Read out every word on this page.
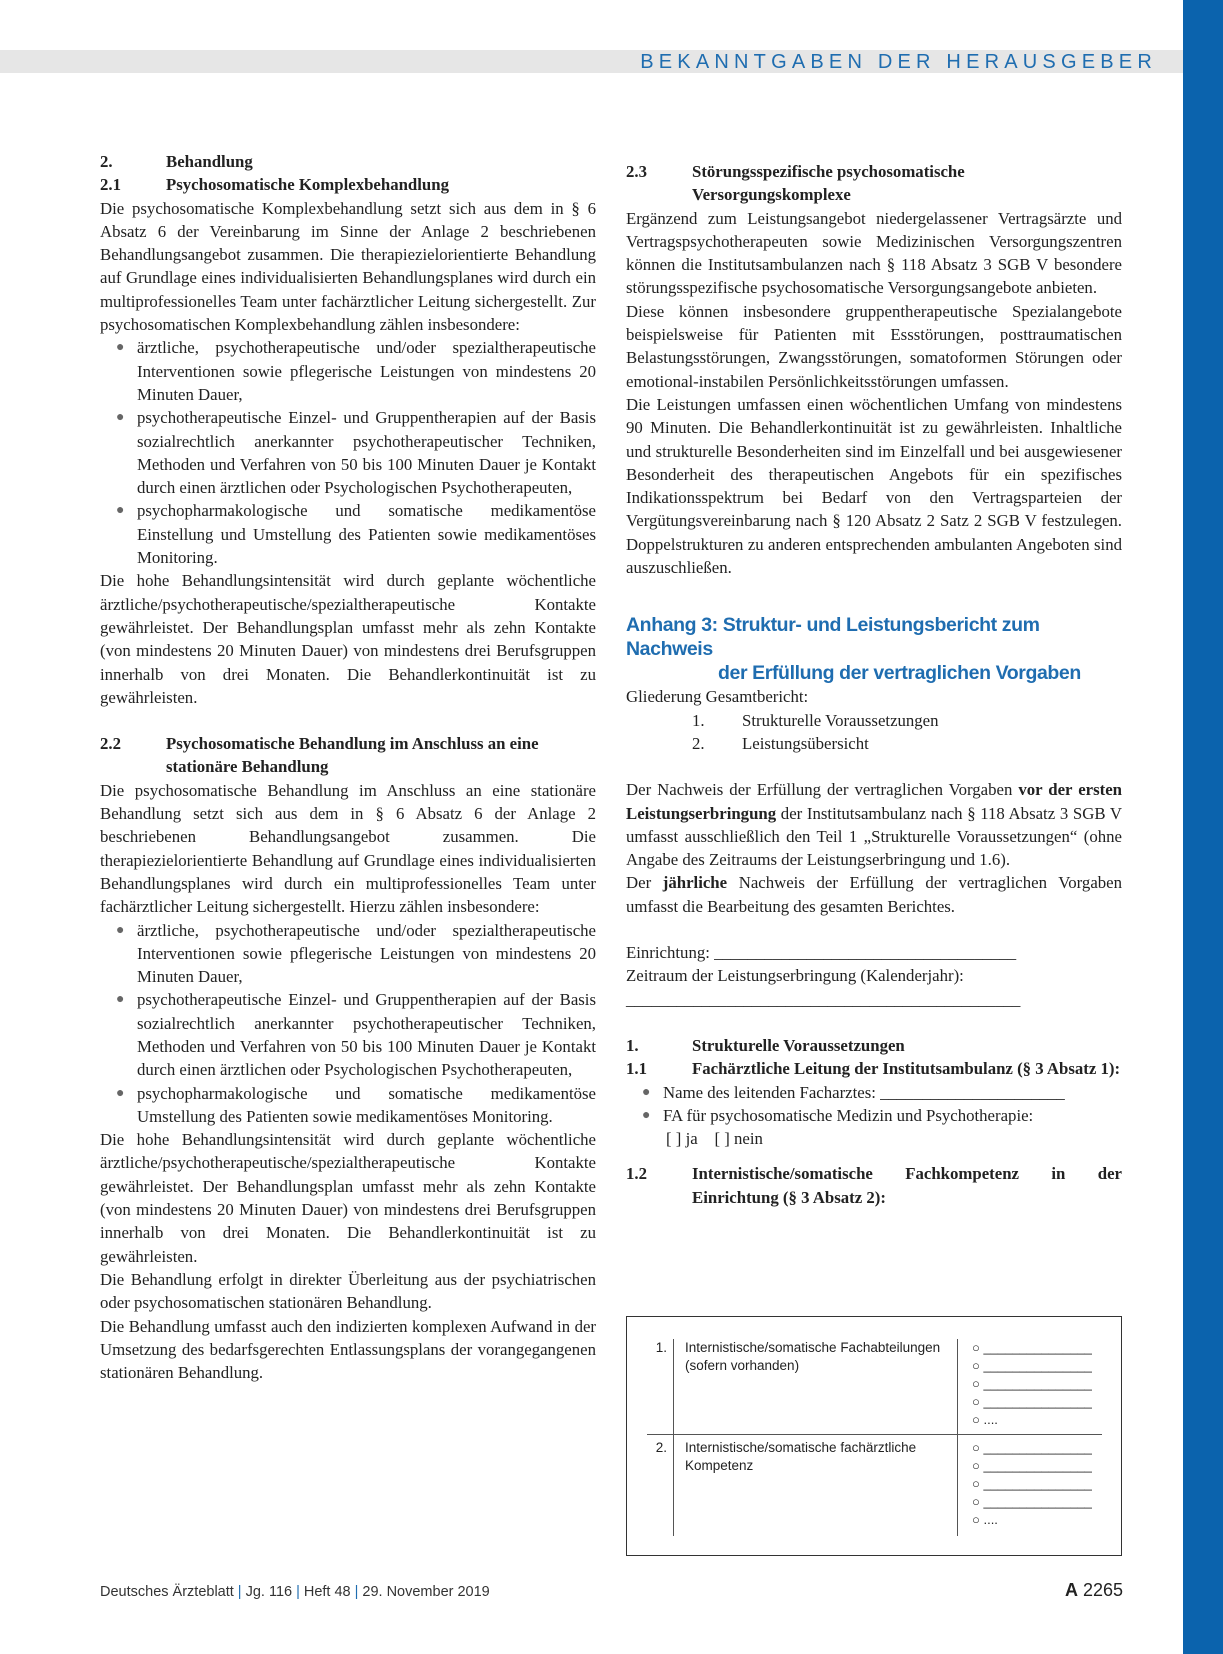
BEKANNTGABEN DER HERAUSGEBER
2.	Behandlung
2.1	Psychosomatische Komplexbehandlung
Die psychosomatische Komplexbehandlung setzt sich aus dem in § 6 Absatz 6 der Vereinbarung im Sinne der Anlage 2 beschriebenen Behandlungsangebot zusammen. Die therapiezielorientierte Behandlung auf Grundlage eines individualisierten Behandlungsplanes wird durch ein multiprofessionelles Team unter fachärztlicher Leitung sichergestellt. Zur psychosomatischen Komplexbehandlung zählen insbesondere:
● ärztliche, psychotherapeutische und/oder spezialtherapeutische Interventionen sowie pflegerische Leistungen von mindestens 20 Minuten Dauer,
● psychotherapeutische Einzel- und Gruppentherapien auf der Basis sozialrechtlich anerkannter psychotherapeutischer Techniken, Methoden und Verfahren von 50 bis 100 Minuten Dauer je Kontakt durch einen ärztlichen oder Psychologischen Psychotherapeuten,
● psychopharmakologische und somatische medikamentöse Einstellung und Umstellung des Patienten sowie medikamentöses Monitoring.
Die hohe Behandlungsintensität wird durch geplante wöchentliche ärztliche/psychotherapeutische/spezialtherapeutische Kontakte gewährleistet. Der Behandlungsplan umfasst mehr als zehn Kontakte (von mindestens 20 Minuten Dauer) von mindestens drei Berufsgruppen innerhalb von drei Monaten. Die Behandlerkontinuität ist zu gewährleisten.
2.2	Psychosomatische Behandlung im Anschluss an eine stationäre Behandlung
Die psychosomatische Behandlung im Anschluss an eine stationäre Behandlung setzt sich aus dem in § 6 Absatz 6 der Anlage 2 beschriebenen Behandlungsangebot zusammen. Die therapiezielorientierte Behandlung auf Grundlage eines individualisierten Behandlungsplanes wird durch ein multiprofessionelles Team unter fachärztlicher Leitung sichergestellt. Hierzu zählen insbesondere:
● ärztliche, psychotherapeutische und/oder spezialtherapeutische Interventionen sowie pflegerische Leistungen von mindestens 20 Minuten Dauer,
● psychotherapeutische Einzel- und Gruppentherapien auf der Basis sozialrechtlich anerkannter psychotherapeutischer Techniken, Methoden und Verfahren von 50 bis 100 Minuten Dauer je Kontakt durch einen ärztlichen oder Psychologischen Psychotherapeuten,
● psychopharmakologische und somatische medikamentöse Umstellung des Patienten sowie medikamentöses Monitoring.
Die hohe Behandlungsintensität wird durch geplante wöchentliche ärztliche/psychotherapeutische/spezialtherapeutische Kontakte gewährleistet. Der Behandlungsplan umfasst mehr als zehn Kontakte (von mindestens 20 Minuten Dauer) von mindestens drei Berufsgruppen innerhalb von drei Monaten. Die Behandlerkontinuität ist zu gewährleisten.
Die Behandlung erfolgt in direkter Überleitung aus der psychiatrischen oder psychosomatischen stationären Behandlung.
Die Behandlung umfasst auch den indizierten komplexen Aufwand in der Umsetzung des bedarfsgerechten Entlassungsplans der vorangegangenen stationären Behandlung.
2.3	Störungsspezifische psychosomatische Versorgungskomplexe
Ergänzend zum Leistungsangebot niedergelassener Vertragsärzte und Vertragspsychotherapeuten sowie Medizinischen Versorgungszentren können die Institutsambulanzen nach § 118 Absatz 3 SGB V besondere störungsspezifische psychosomatische Versorgungsangebote anbieten.
Diese können insbesondere gruppentherapeutische Spezialangebote beispielsweise für Patienten mit Essstörungen, posttraumatischen Belastungsstörungen, Zwangsstörungen, somatoformen Störungen oder emotional-instabilen Persönlichkeitsstörungen umfassen.
Die Leistungen umfassen einen wöchentlichen Umfang von mindestens 90 Minuten. Die Behandlerkontinuität ist zu gewährleisten. Inhaltliche und strukturelle Besonderheiten sind im Einzelfall und bei ausgewiesener Besonderheit des therapeutischen Angebots für ein spezifisches Indikationsspektrum bei Bedarf von den Vertragsparteien der Vergütungsvereinbarung nach § 120 Absatz 2 Satz 2 SGB V festzulegen. Doppelstrukturen zu anderen entsprechenden ambulanten Angeboten sind auszuschließen.
Anhang 3: Struktur- und Leistungsbericht zum Nachweis
der Erfüllung der vertraglichen Vorgaben
Gliederung Gesamtbericht:
1.	Strukturelle Voraussetzungen
2.	Leistungsübersicht
Der Nachweis der Erfüllung der vertraglichen Vorgaben vor der ersten Leistungserbringung der Institutsambulanz nach § 118 Absatz 3 SGB V umfasst ausschließlich den Teil 1 „Strukturelle Voraussetzungen“ (ohne Angabe des Zeitraums der Leistungserbringung und 1.6).
Der jährliche Nachweis der Erfüllung der vertraglichen Vorgaben umfasst die Bearbeitung des gesamten Berichtes.
Einrichtung: ____________________________________
Zeitraum der Leistungserbringung (Kalenderjahr):
_______________________________________________
1.	Strukturelle Voraussetzungen
1.1	Fachärztliche Leitung der Institutsambulanz (§ 3 Absatz 1):
● Name des leitenden Facharztes: ______________________
● FA für psychosomatische Medizin und Psychotherapie:
[ ] ja    [ ] nein
1.2	Internistische/somatische Fachkompetenz in der Einrichtung (§ 3 Absatz 2):
1.	Internistische/somatische Fachabteilungen (sofern vorhanden)
○ _______________
○ _______________
○ _______________
○ _______________
○ ....
2.	Internistische/somatische fachärztliche Kompetenz
○ _______________
○ _______________
○ _______________
○ _______________
○ ....
Deutsches Ärzteblatt | Jg. 116 | Heft 48 | 29. November 2019	A 2265
